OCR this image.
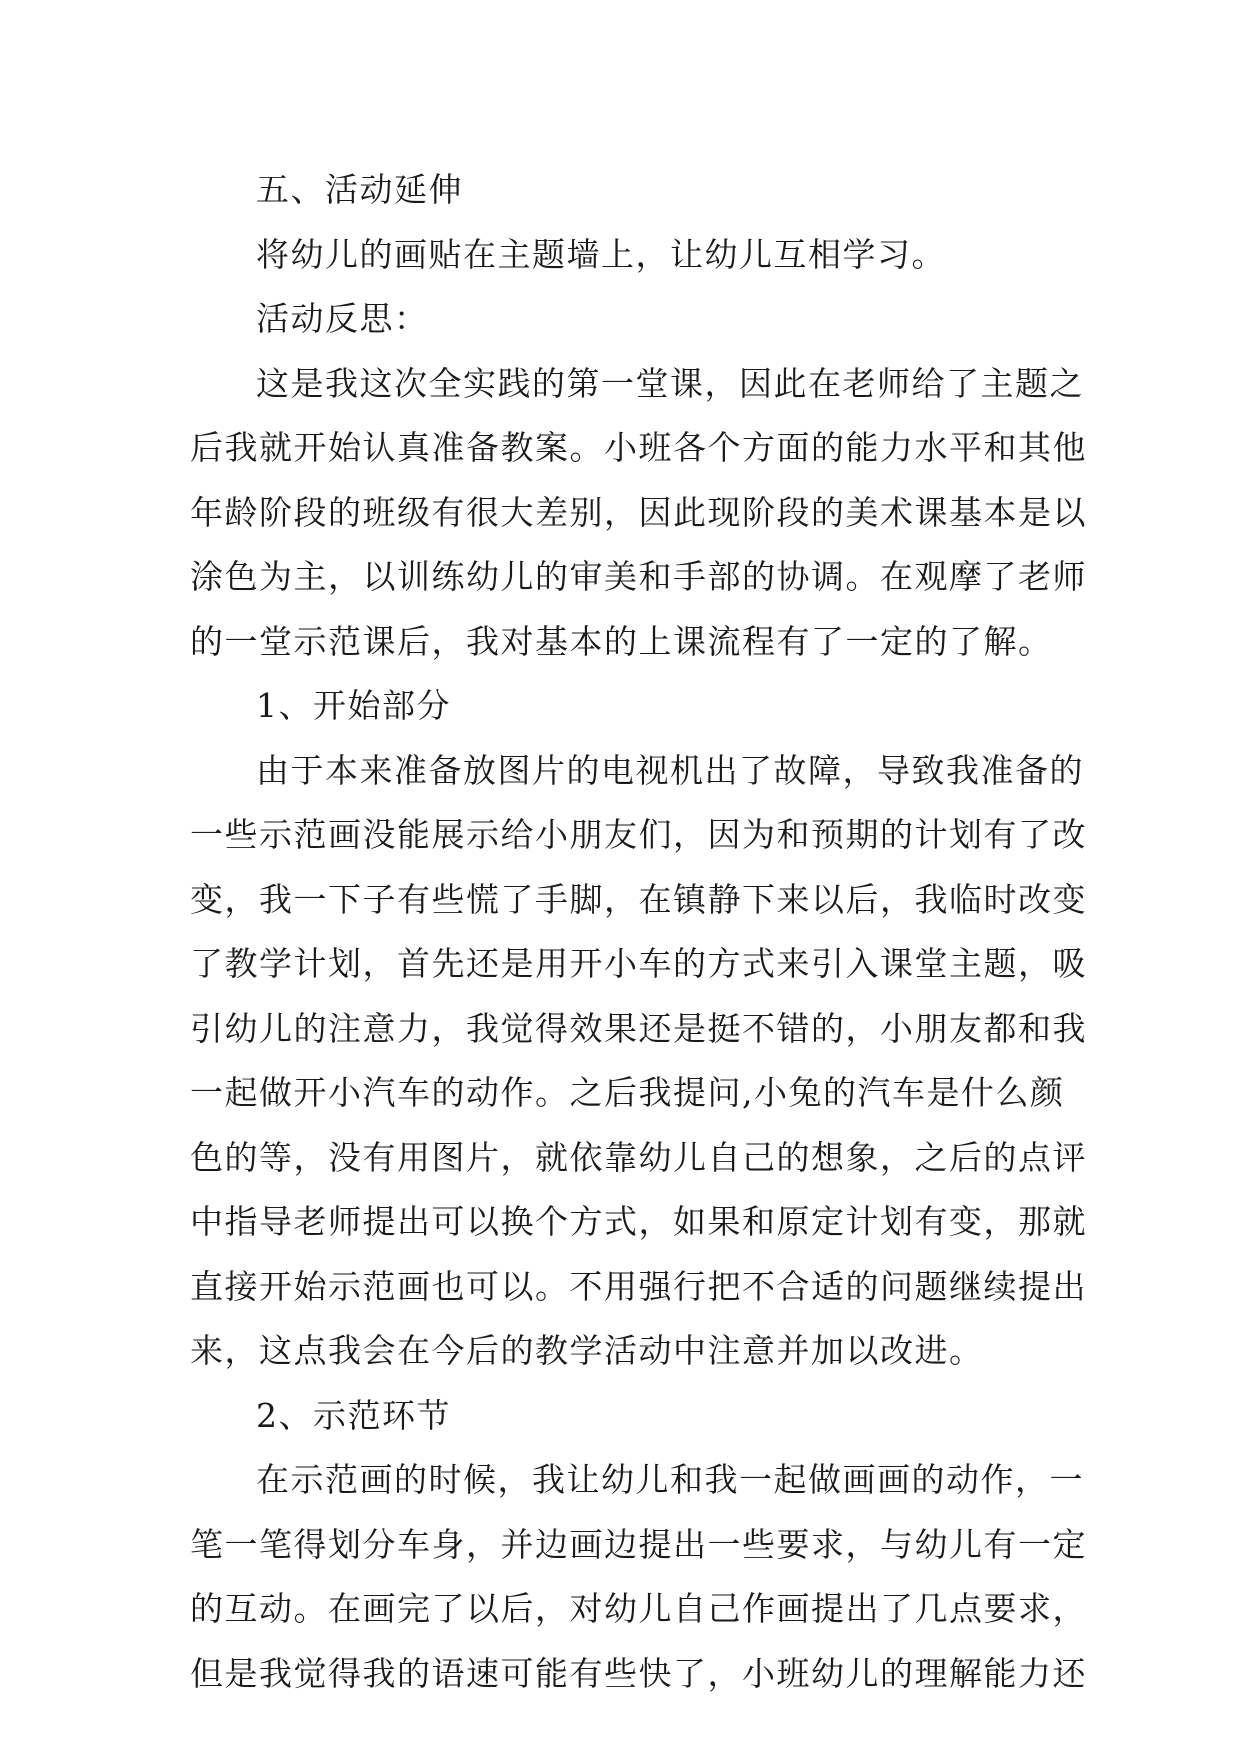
五、活动延伸
将幼儿的画贴在主题墙上，让幼儿互相学习。
活动反思：
这是我这次全实践的第一堂课，因此在老师给了主题之
后我就开始认真准备教案。小班各个方面的能力水平和其他
年龄阶段的班级有很大差别，因此现阶段的美术课基本是以
涂色为主，以训练幼儿的审美和手部的协调。在观摩了老师
的一堂示范课后，我对基本的上课流程有了一定的了解。
1、开始部分
由于本来准备放图片的电视机出了故障，导致我准备的
一些示范画没能展示给小朋友们，因为和预期的计划有了改
变，我一下子有些慌了手脚，在镇静下来以后，我临时改变
了教学计划，首先还是用开小车的方式来引入课堂主题，吸
引幼儿的注意力，我觉得效果还是挺不错的，小朋友都和我
一起做开小汽车的动作。之后我提问,小兔的汽车是什么颜
色的等，没有用图片，就依靠幼儿自己的想象，之后的点评
中指导老师提出可以换个方式，如果和原定计划有变，那就
直接开始示范画也可以。不用强行把不合适的问题继续提出
来，这点我会在今后的教学活动中注意并加以改进。
2、示范环节
在示范画的时候，我让幼儿和我一起做画画的动作，一
笔一笔得划分车身，并边画边提出一些要求，与幼儿有一定
的互动。在画完了以后，对幼儿自己作画提出了几点要求，
但是我觉得我的语速可能有些快了，小班幼儿的理解能力还
